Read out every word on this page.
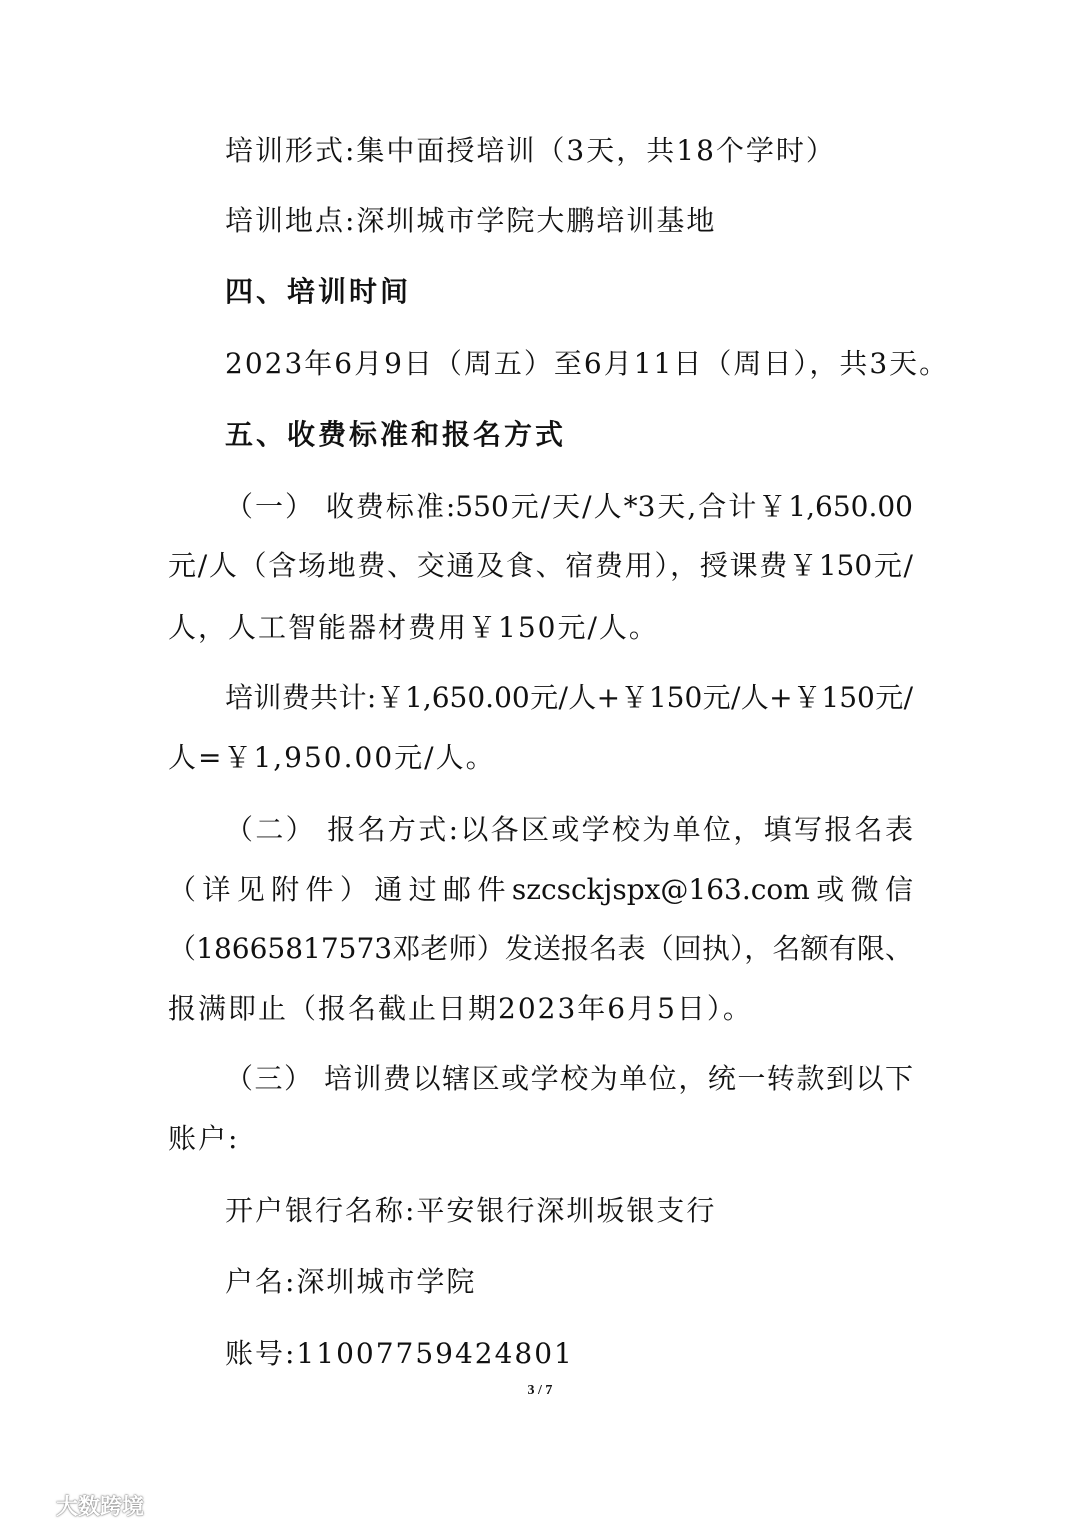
培训形式:集中面授培训（3天，共18个学时）
培训地点:深圳城市学院大鹏培训基地
四、培训时间
2023年6月9日（周五）至6月11日（周日），共3天。
五、收费标准和报名方式
（一） 收费标准:550元/天/人*3天,合计￥1,650.00
元/人（含场地费、交通及食、宿费用），授课费￥150元/
人，人工智能器材费用￥150元/人。
培训费共计:￥1,650.00元/人+￥150元/人+￥150元/
人=￥1,950.00元/人。
（二） 报名方式:以各区或学校为单位，填写报名表
（详见附件）通过邮件szcsckjspx@163.com或微信
（18665817573邓老师）发送报名表（回执），名额有限、
报满即止（报名截止日期2023年6月5日）。
（三） 培训费以辖区或学校为单位，统一转款到以下
账户:
开户银行名称:平安银行深圳坂银支行
户名:深圳城市学院
账号:11007759424801
3 / 7
大数跨境
